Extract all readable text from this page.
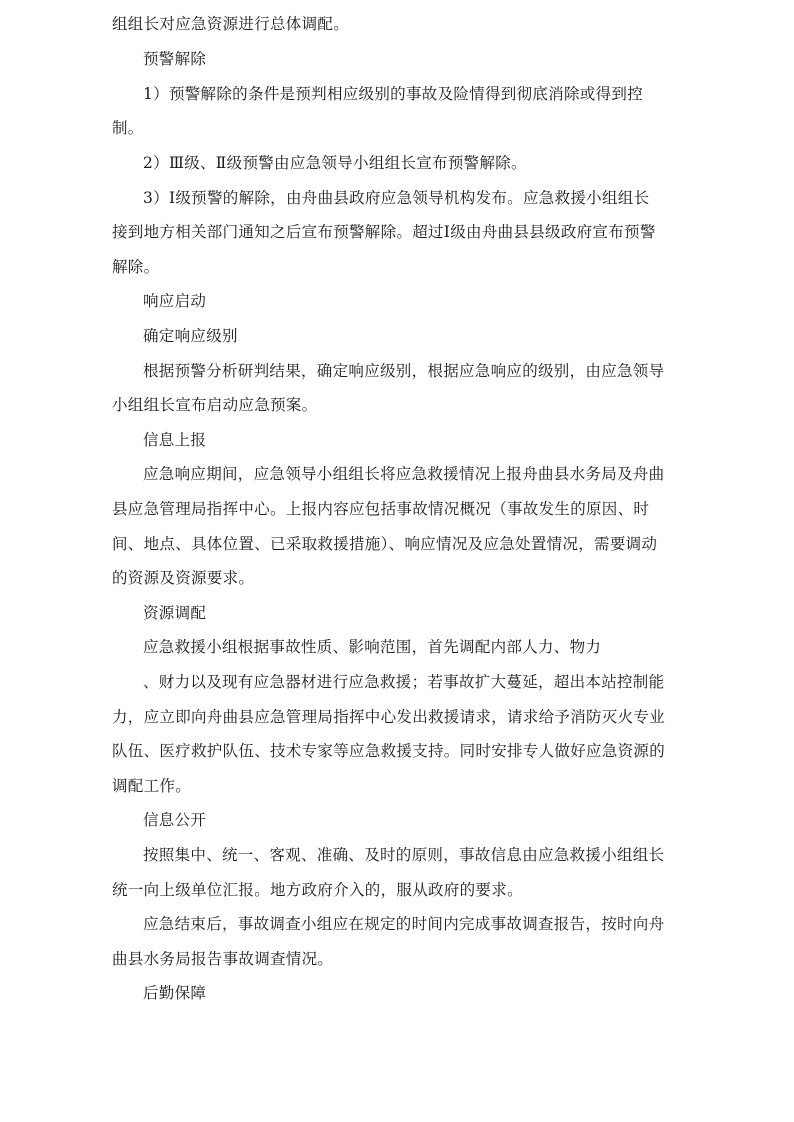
组组长对应急资源进行总体调配。
预警解除
1）预警解除的条件是预判相应级别的事故及险情得到彻底消除或得到控
制。
2）Ⅲ级、Ⅱ级预警由应急领导小组组长宣布预警解除。
3）Ⅰ级预警的解除，由舟曲县政府应急领导机构发布。应急救援小组组长
接到地方相关部门通知之后宣布预警解除。超过Ⅰ级由舟曲县县级政府宣布预警
解除。
响应启动
确定响应级别
根据预警分析研判结果，确定响应级别，根据应急响应的级别，由应急领导
小组组长宣布启动应急预案。
信息上报
应急响应期间，应急领导小组组长将应急救援情况上报舟曲县水务局及舟曲
县应急管理局指挥中心。上报内容应包括事故情况概况（事故发生的原因、时
间、地点、具体位置、已采取救援措施）、响应情况及应急处置情况，需要调动
的资源及资源要求。
资源调配
应急救援小组根据事故性质、影响范围，首先调配内部人力、物力
、财力以及现有应急器材进行应急救援；若事故扩大蔓延，超出本站控制能
力，应立即向舟曲县应急管理局指挥中心发出救援请求，请求给予消防灭火专业
队伍、医疗救护队伍、技术专家等应急救援支持。同时安排专人做好应急资源的
调配工作。
信息公开
按照集中、统一、客观、准确、及时的原则，事故信息由应急救援小组组长
统一向上级单位汇报。地方政府介入的，服从政府的要求。
应急结束后，事故调查小组应在规定的时间内完成事故调查报告，按时向舟
曲县水务局报告事故调查情况。
后勤保障
